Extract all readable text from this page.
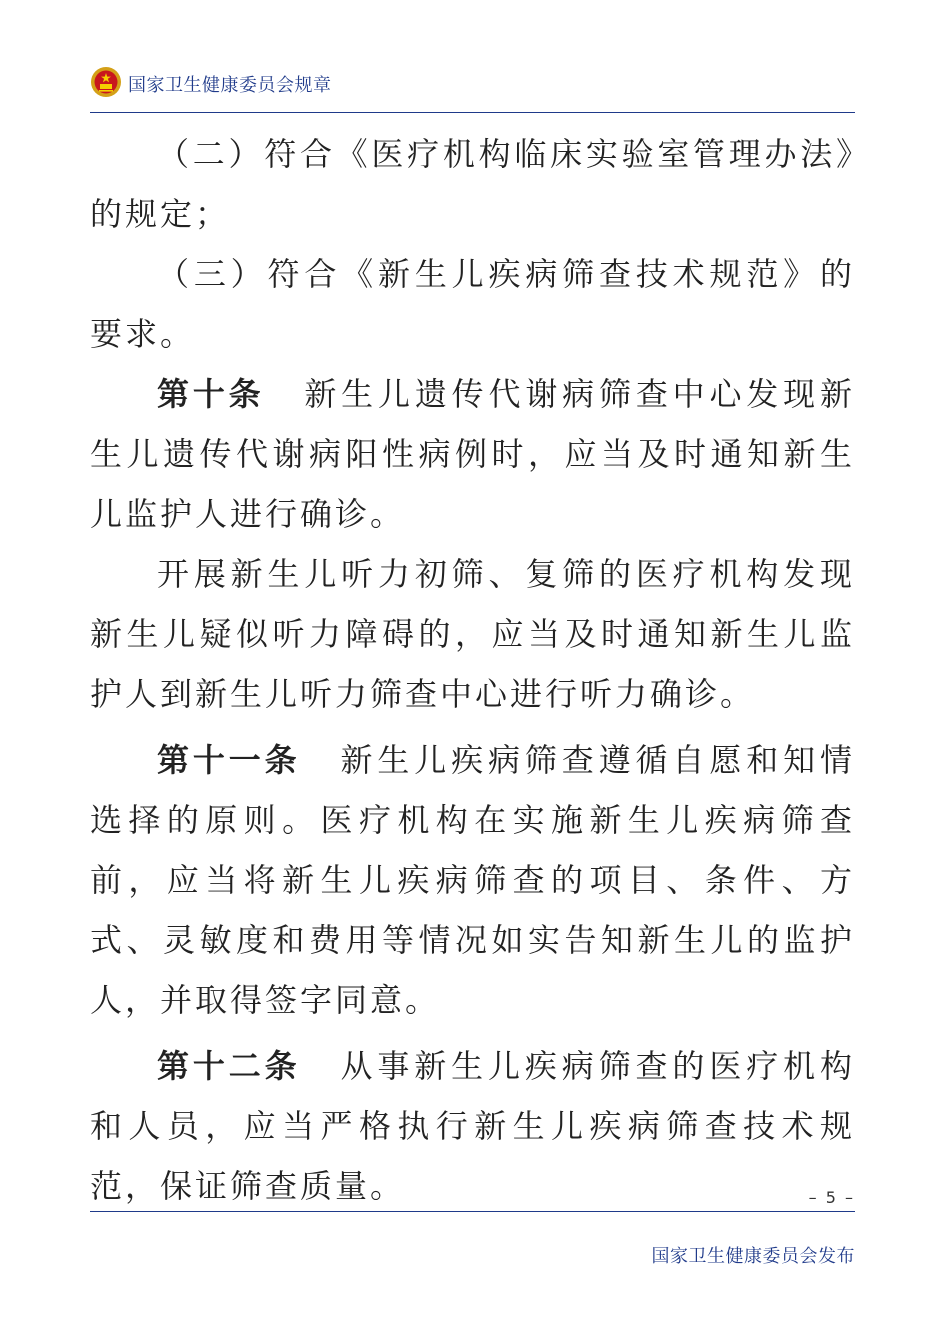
国家卫生健康委员会规章

（二）符合《医疗机构临床实验室管理办法》的规定；

（三）符合《新生儿疾病筛查技术规范》的要求。

第十条 新生儿遗传代谢病筛查中心发现新生儿遗传代谢病阳性病例时，应当及时通知新生儿监护人进行确诊。

开展新生儿听力初筛、复筛的医疗机构发现新生儿疑似听力障碍的，应当及时通知新生儿监护人到新生儿听力筛查中心进行听力确诊。

第十一条 新生儿疾病筛查遵循自愿和知情选择的原则。医疗机构在实施新生儿疾病筛查前，应当将新生儿疾病筛查的项目、条件、方式、灵敏度和费用等情况如实告知新生儿的监护人，并取得签字同意。

第十二条 从事新生儿疾病筛查的医疗机构和人员，应当严格执行新生儿疾病筛查技术规范，保证筛查质量。	– 5 –
国家卫生健康委员会发布
